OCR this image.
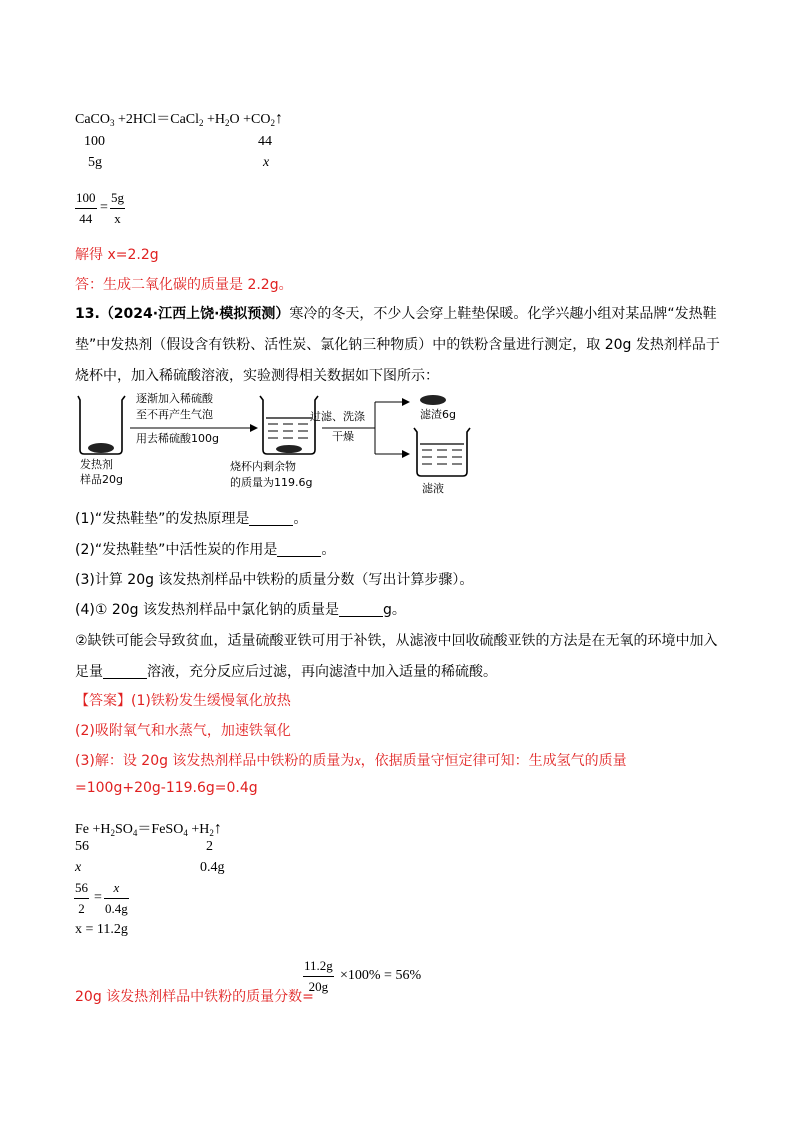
CaCO$_3$ +2HCl＝CaCl$_2$ $+H_2O$ $+CO_2↑$
100	44
5g	x
100
44
=
5g
x
解得 x=2.2g
答：生成二氧化碳的质量是 2.2g。
13.（2024·江西上饶·模拟预测）寒冷的冬天，不少人会穿上鞋垫保暖。化学兴趣小组对某品牌“发热鞋
垫”中发热剂（假设含有铁粉、活性炭、氯化钠三种物质）中的铁粉含量进行测定，取 20g 发热剂样品于
烧杯中，加入稀硫酸溶液，实验测得相关数据如下图所示：
发热剂
样品20g
逐渐加入稀硫酸
至不再产生气泡
用去稀硫酸100g
烧杯内剩余物
的质量为119.6g
过滤、洗涤
干燥
滤渣6g
滤液
(1)“发热鞋垫”的发热原理是	。
(2)“发热鞋垫”中活性炭的作用是	。
(3)计算 20g 该发热剂样品中铁粉的质量分数（写出计算步骤）。
(4)① 20g 该发热剂样品中氯化钠的质量是	g。
②缺铁可能会导致贫血，适量硫酸亚铁可用于补铁，从滤液中回收硫酸亚铁的方法是在无氧的环境中加入
足量	溶液，充分反应后过滤，再向滤渣中加入适量的稀硫酸。
【答案】(1)铁粉发生缓慢氧化放热
(2)吸附氧气和水蒸气，加速铁氧化
(3)解：设 20g 该发热剂样品中铁粉的质量为x，依据质量守恒定律可知：生成氢气的质量
=100g+20g-119.6g=0.4g
$Fe +H_2SO_4=FeSO_4$ $+H_2↑$
56	2
x	0.4g
56
2
=
x
0.4g
x = 11.2g
20g 该发热剂样品中铁粉的质量分数=
11.2g
20g
×100% = 56%
